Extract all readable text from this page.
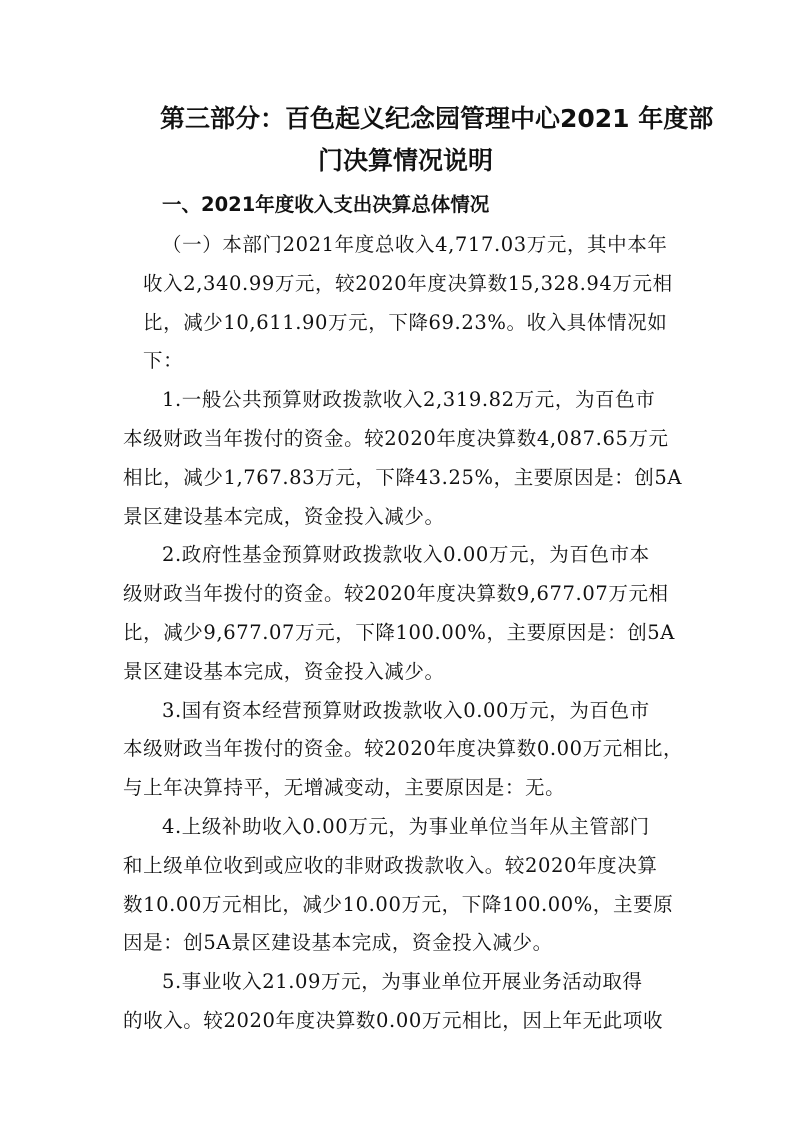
第三部分：百色起义纪念园管理中心2021 年度部
门决算情况说明
一、2021年度收入支出决算总体情况
（一）本部门2021年度总收入4,717.03万元，其中本年
收入2,340.99万元，较2020年度决算数15,328.94万元相
比，减少10,611.90万元，下降69.23%。收入具体情况如
下：
1.一般公共预算财政拨款收入2,319.82万元，为百色市
本级财政当年拨付的资金。较2020年度决算数4,087.65万元
相比，减少1,767.83万元，下降43.25%，主要原因是：创5A
景区建设基本完成，资金投入减少。
2.政府性基金预算财政拨款收入0.00万元，为百色市本
级财政当年拨付的资金。较2020年度决算数9,677.07万元相
比，减少9,677.07万元，下降100.00%，主要原因是：创5A
景区建设基本完成，资金投入减少。
3.国有资本经营预算财政拨款收入0.00万元，为百色市
本级财政当年拨付的资金。较2020年度决算数0.00万元相比，
与上年决算持平，无增减变动，主要原因是：无。
4.上级补助收入0.00万元，为事业单位当年从主管部门
和上级单位收到或应收的非财政拨款收入。较2020年度决算
数10.00万元相比，减少10.00万元，下降100.00%，主要原
因是：创5A景区建设基本完成，资金投入减少。
5.事业收入21.09万元，为事业单位开展业务活动取得
的收入。较2020年度决算数0.00万元相比，因上年无此项收
